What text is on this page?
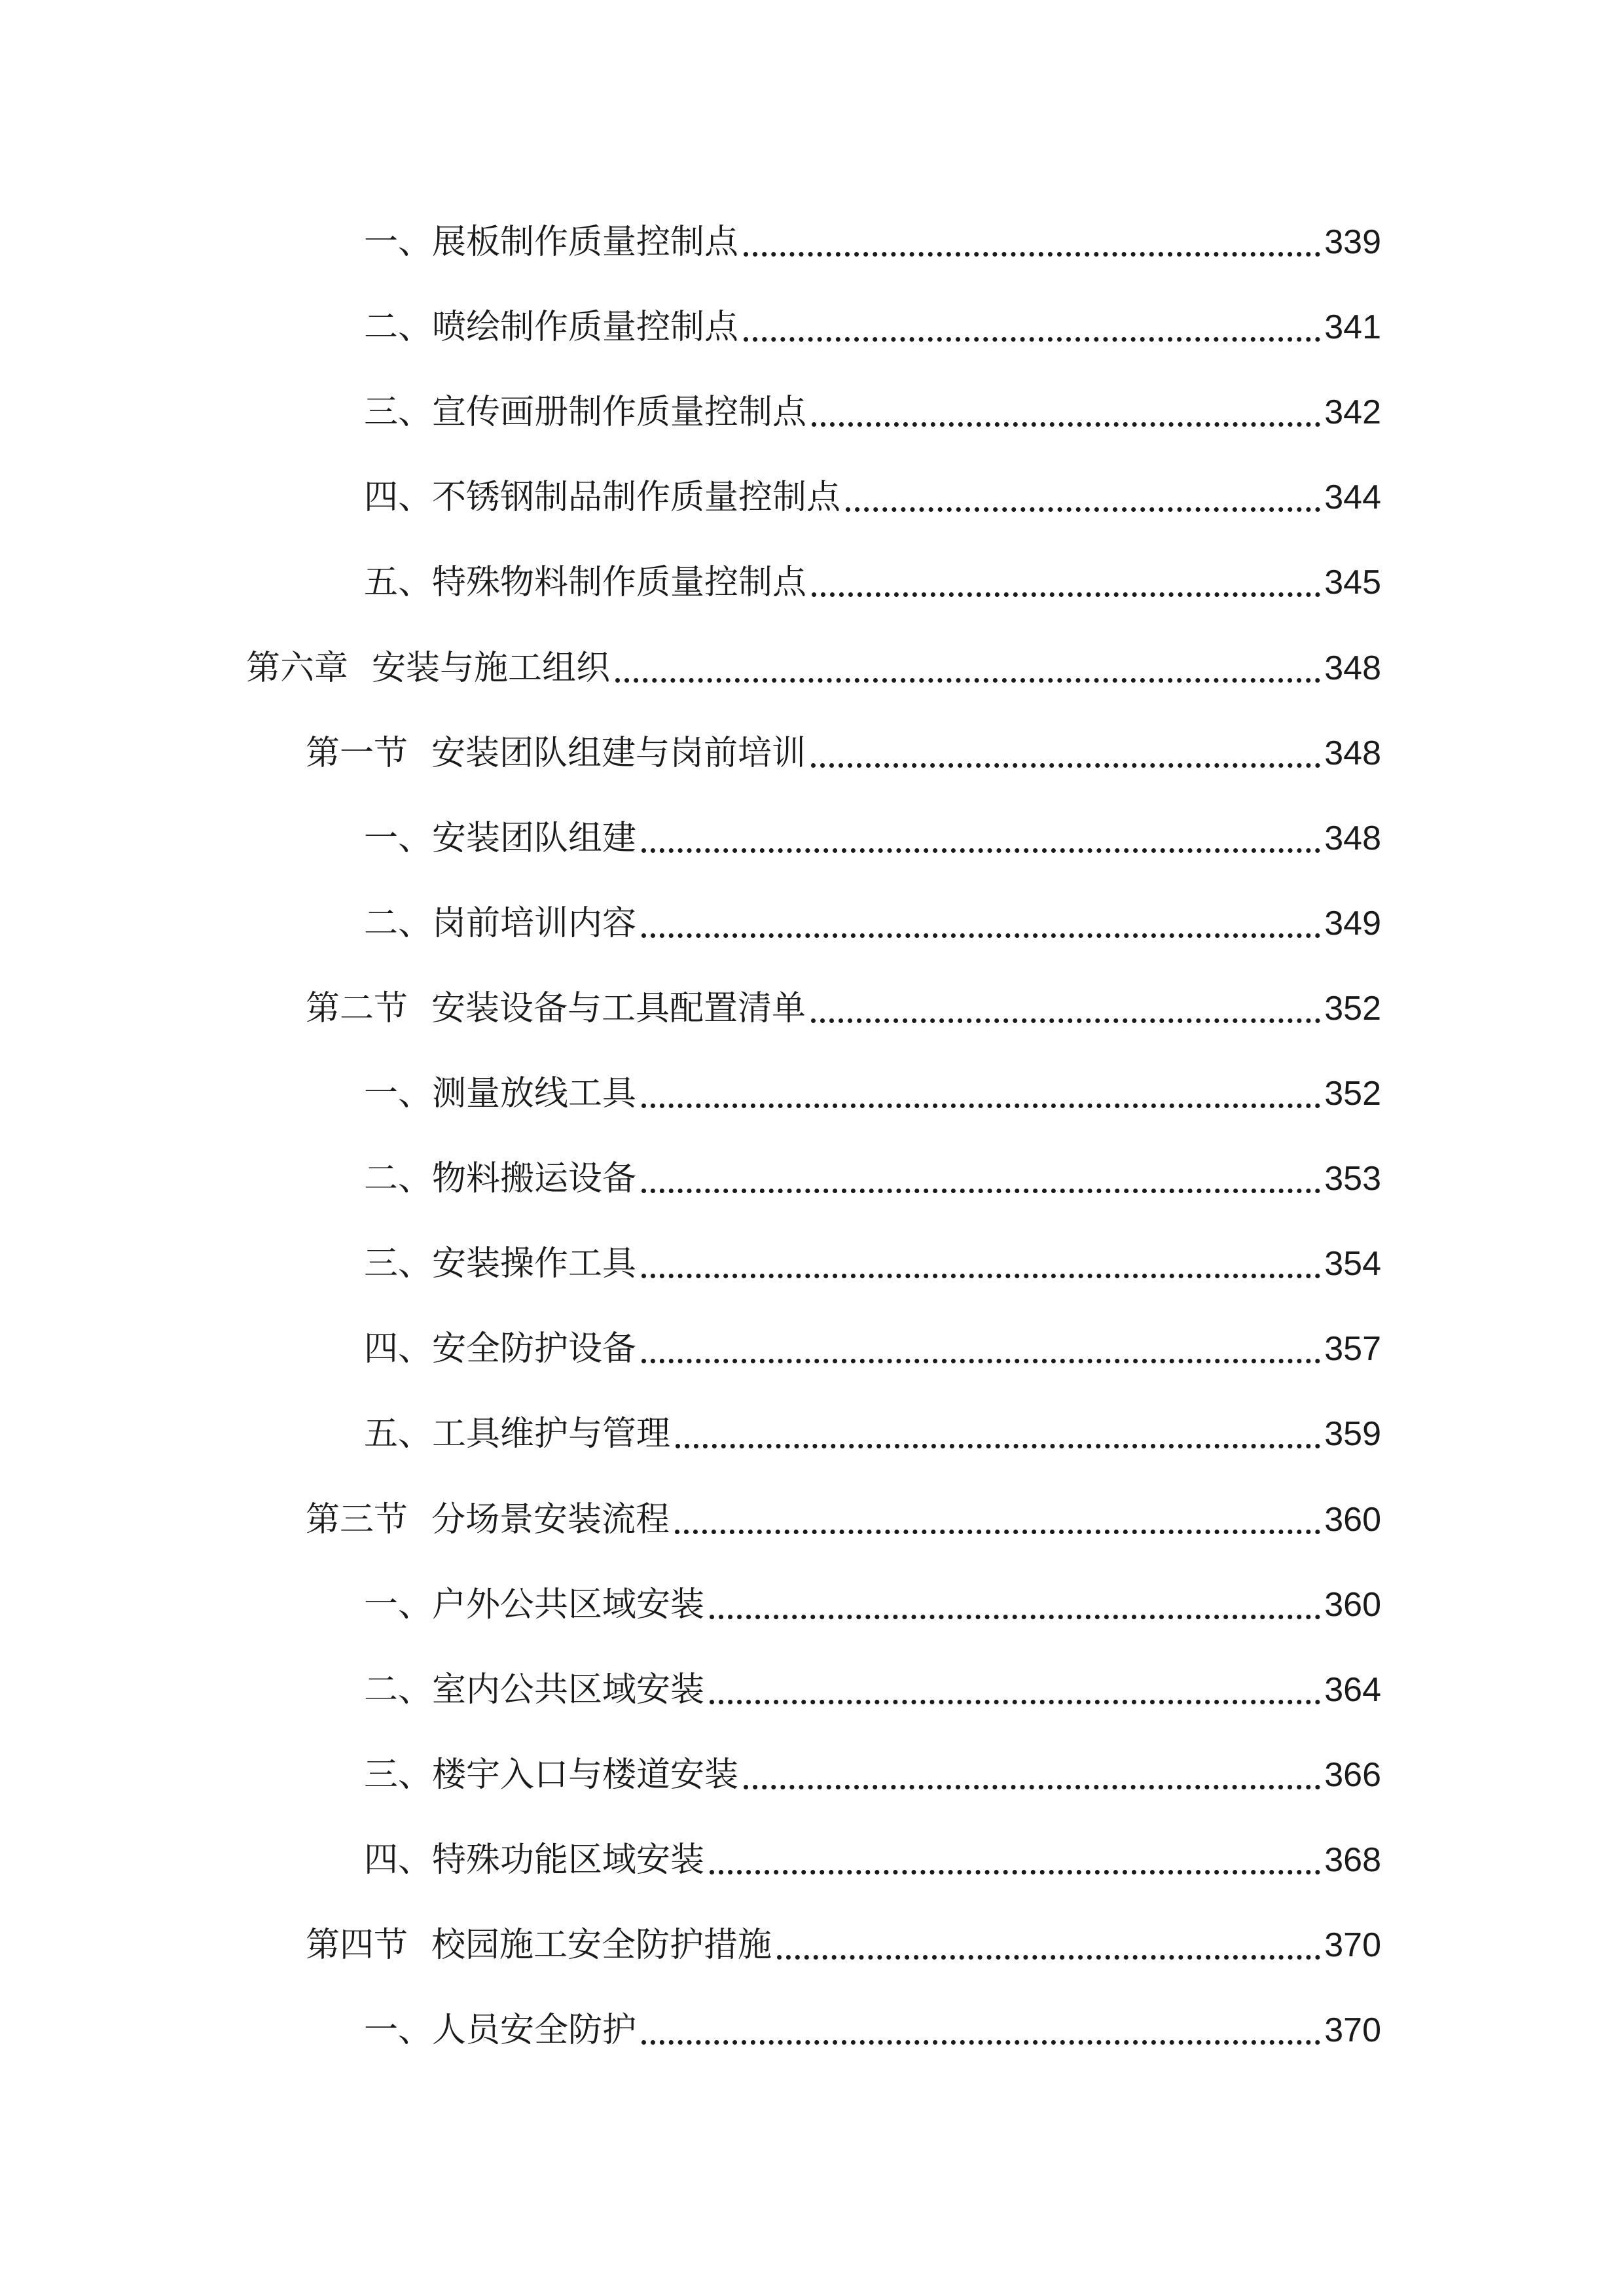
一、 展板制作质量控制点	339
二、 喷绘制作质量控制点	341
三、 宣传画册制作质量控制点	342
四、 不锈钢制品制作质量控制点	344
五、 特殊物料制作质量控制点	345
第六章 安装与施工组织	348
第一节 安装团队组建与岗前培训	348
一、 安装团队组建	348
二、 岗前培训内容	349
第二节 安装设备与工具配置清单	352
一、 测量放线工具	352
二、 物料搬运设备	353
三、 安装操作工具	354
四、 安全防护设备	357
五、 工具维护与管理	359
第三节 分场景安装流程	360
一、 户外公共区域安装	360
二、 室内公共区域安装	364
三、 楼宇入口与楼道安装	366
四、 特殊功能区域安装	368
第四节 校园施工安全防护措施	370
一、 人员安全防护	370
